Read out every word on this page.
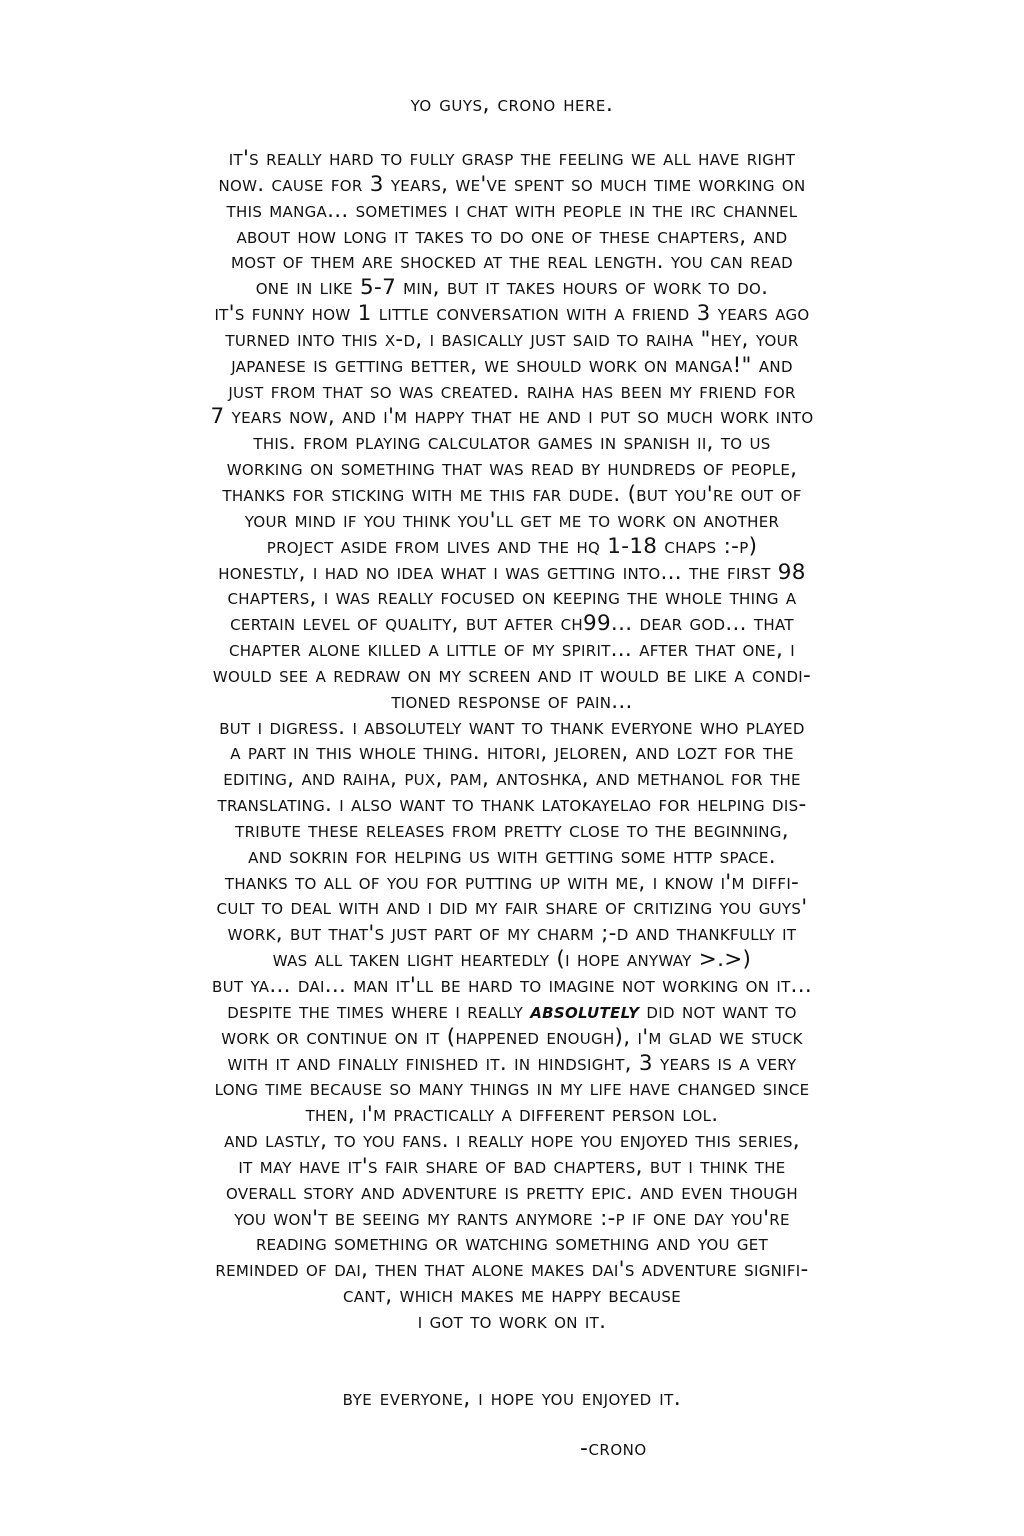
yo guys, crono here.
it's really hard to fully grasp the feeling we all have right
now. cause for 3 years, we've spent so much time working on
this manga... sometimes i chat with people in the irc channel
about how long it takes to do one of these chapters, and
most of them are shocked at the real length. you can read
one in like 5-7 min, but it takes hours of work to do.
it's funny how 1 little conversation with a friend 3 years ago
turned into this x-d, i basically just said to raiha "hey, your
japanese is getting better, we should work on manga!" and
just from that so was created. raiha has been my friend for
7 years now, and i'm happy that he and i put so much work into
this. from playing calculator games in spanish ii, to us
working on something that was read by hundreds of people,
thanks for sticking with me this far dude. (but you're out of
your mind if you think you'll get me to work on another
project aside from lives and the hq 1-18 chaps :-p)
honestly, i had no idea what i was getting into... the first 98
chapters, i was really focused on keeping the whole thing a
certain level of quality, but after ch99... dear god... that
chapter alone killed a little of my spirit... after that one, i
would see a redraw on my screen and it would be like a condi-
tioned response of pain...
but i digress. i absolutely want to thank everyone who played
a part in this whole thing. hitori, jeloren, and lozt for the
editing, and raiha, pux, pam, antoshka, and methanol for the
translating. i also want to thank latokayelao for helping dis-
tribute these releases from pretty close to the beginning,
and sokrin for helping us with getting some http space.
thanks to all of you for putting up with me, i know i'm diffi-
cult to deal with and i did my fair share of critizing you guys'
work, but that's just part of my charm ;-d and thankfully it
was all taken light heartedly (i hope anyway >.>)
but ya... dai... man it'll be hard to imagine not working on it...
despite the times where i really absolutely did not want to
work or continue on it (happened enough), i'm glad we stuck
with it and finally finished it. in hindsight, 3 years is a very
long time because so many things in my life have changed since
then, i'm practically a different person lol.
and lastly, to you fans. i really hope you enjoyed this series,
it may have it's fair share of bad chapters, but i think the
overall story and adventure is pretty epic. and even though
you won't be seeing my rants anymore :-p if one day you're
reading something or watching something and you get
reminded of dai, then that alone makes dai's adventure signifi-
cant, which makes me happy because
i got to work on it.
bye everyone, i hope you enjoyed it.
-crono
